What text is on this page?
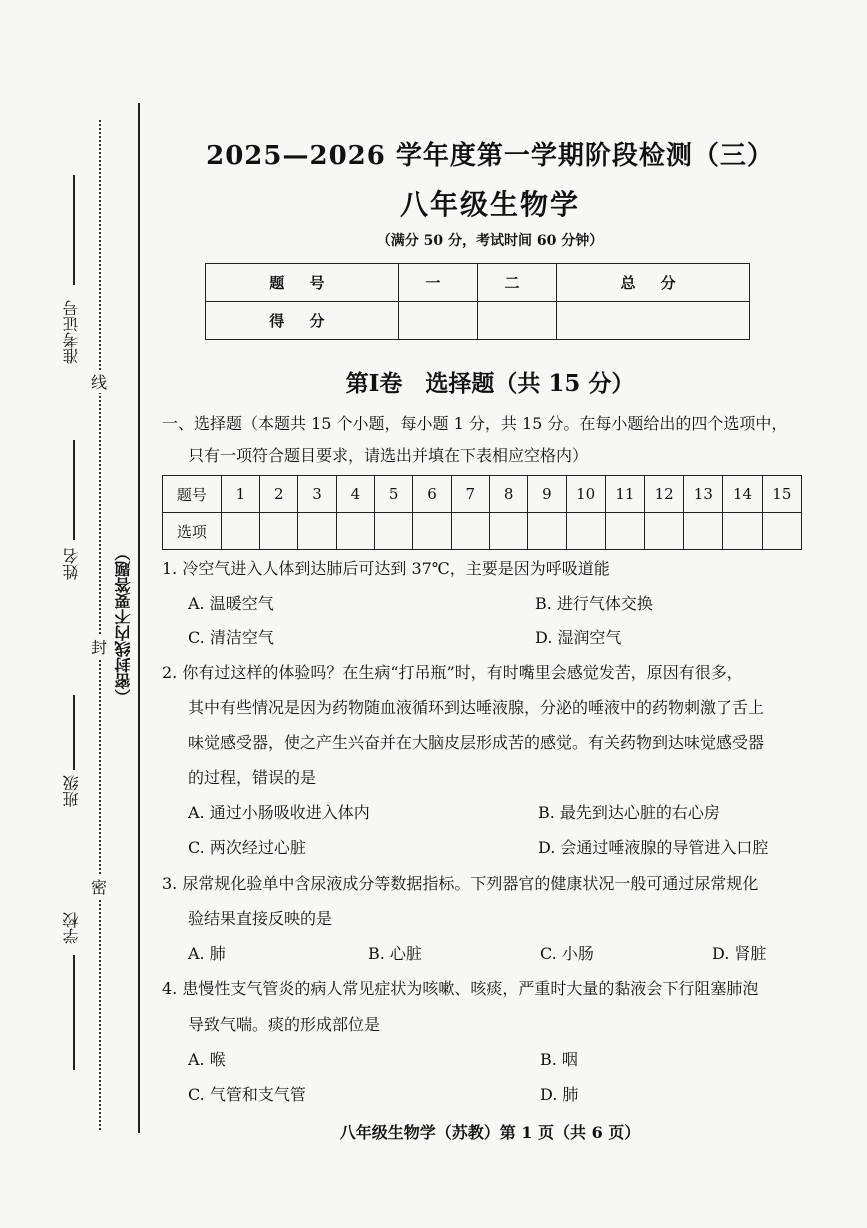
准考证号
姓名
班级
学校
线
封
密
（密封线内不要答题）
2025—2026 学年度第一学期阶段检测（三）
八年级生物学
（满分 50 分，考试时间 60 分钟）
题 号	一	二	总 分
得 分			
第Ⅰ卷　选择题（共 15 分）
一、选择题（本题共 15 个小题，每小题 1 分，共 15 分。在每小题给出的四个选项中，
只有一项符合题目要求，请选出并填在下表相应空格内）
题号	1	2	3	4	5	6	7	8	9	10	11	12	13	14	15
选项															
1. 冷空气进入人体到达肺后可达到 37℃，主要是因为呼吸道能
A. 温暖空气	B. 进行气体交换
C. 清洁空气	D. 湿润空气
2. 你有过这样的体验吗？在生病“打吊瓶”时，有时嘴里会感觉发苦，原因有很多，
其中有些情况是因为药物随血液循环到达唾液腺，分泌的唾液中的药物刺激了舌上
味觉感受器，使之产生兴奋并在大脑皮层形成苦的感觉。有关药物到达味觉感受器
的过程，错误的是
A. 通过小肠吸收进入体内	B. 最先到达心脏的右心房
C. 两次经过心脏	D. 会通过唾液腺的导管进入口腔
3. 尿常规化验单中含尿液成分等数据指标。下列器官的健康状况一般可通过尿常规化
验结果直接反映的是
A. 肺	B. 心脏	C. 小肠	D. 肾脏
4. 患慢性支气管炎的病人常见症状为咳嗽、咳痰，严重时大量的黏液会下行阻塞肺泡
导致气喘。痰的形成部位是
A. 喉	B. 咽
C. 气管和支气管	D. 肺
八年级生物学（苏教）第 1 页（共 6 页）
